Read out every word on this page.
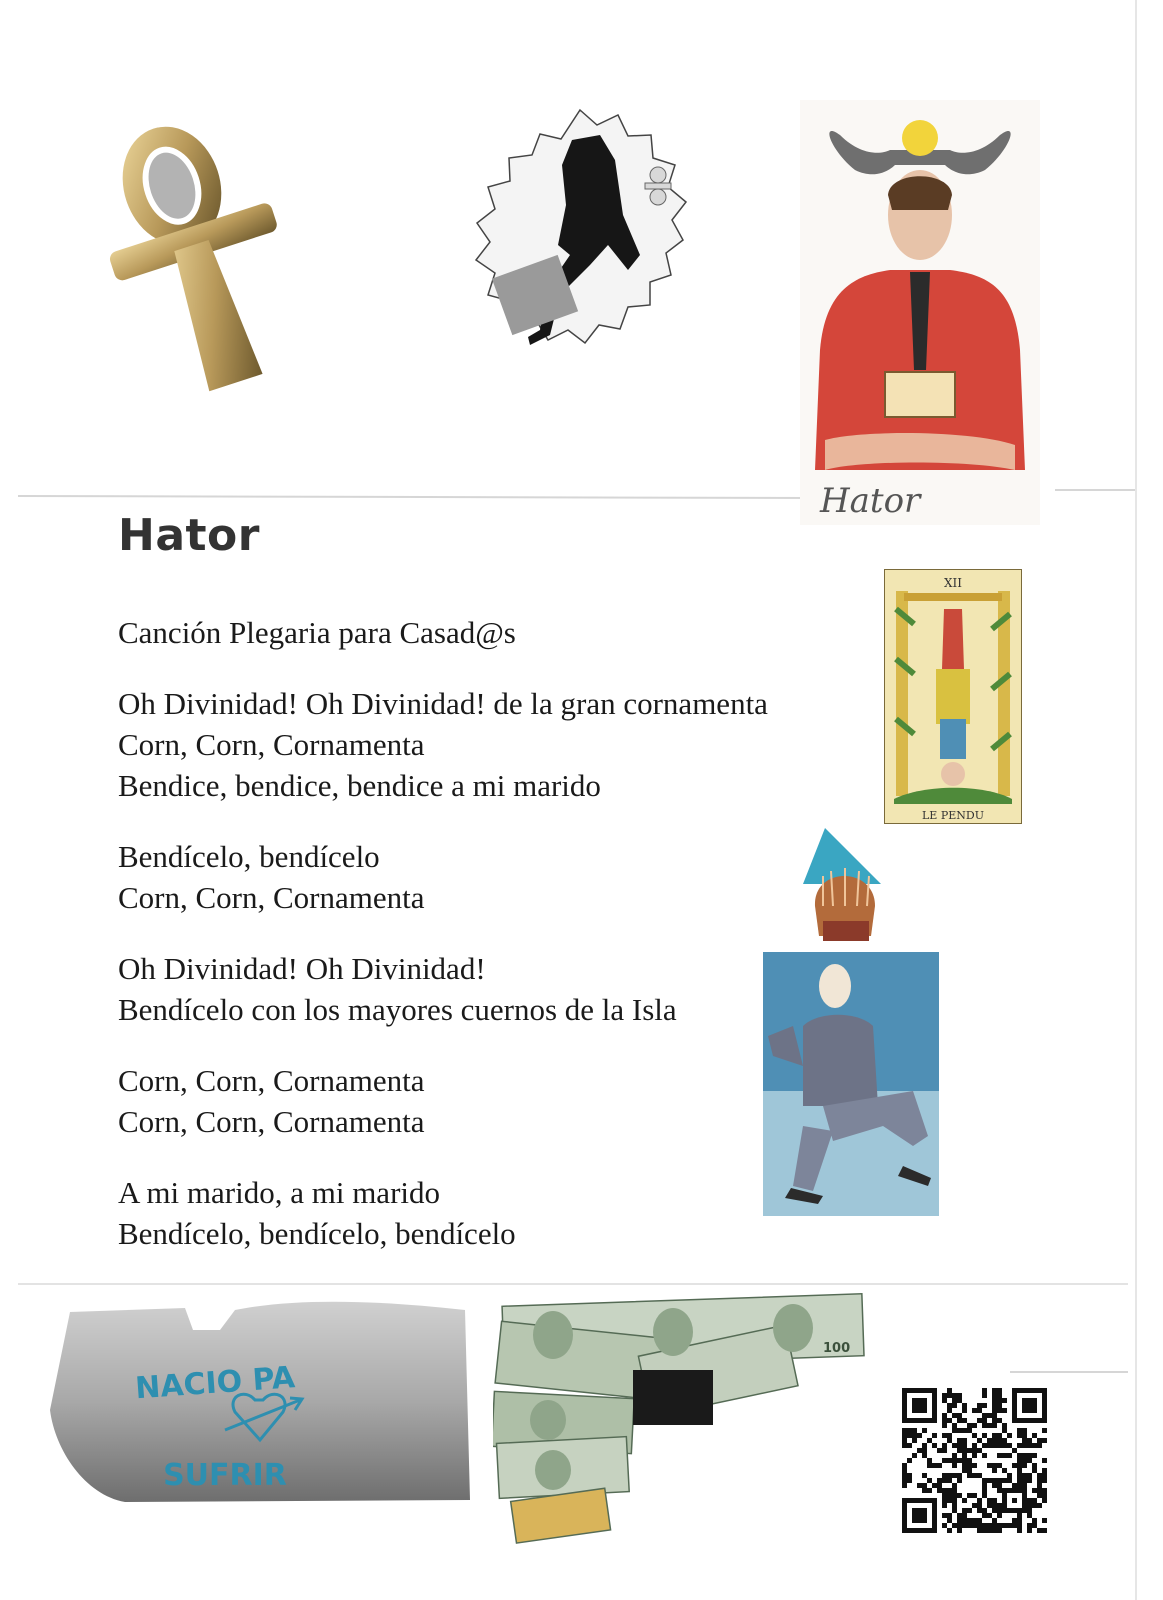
Hator
Hator
Canción Plegaria para Casad@s
Oh Divinidad! Oh Divinidad! de la gran cornamenta
Corn, Corn, Cornamenta
Bendice, bendice, bendice a mi marido
Bendícelo, bendícelo
Corn, Corn, Cornamenta
Oh Divinidad! Oh Divinidad!
Bendícelo con los mayores cuernos de la Isla
Corn, Corn, Cornamenta
Corn, Corn, Cornamenta
A mi marido, a mi marido
Bendícelo, bendícelo, bendícelo
XII
LE PENDU
NACIO PA
SUFRIR
100
